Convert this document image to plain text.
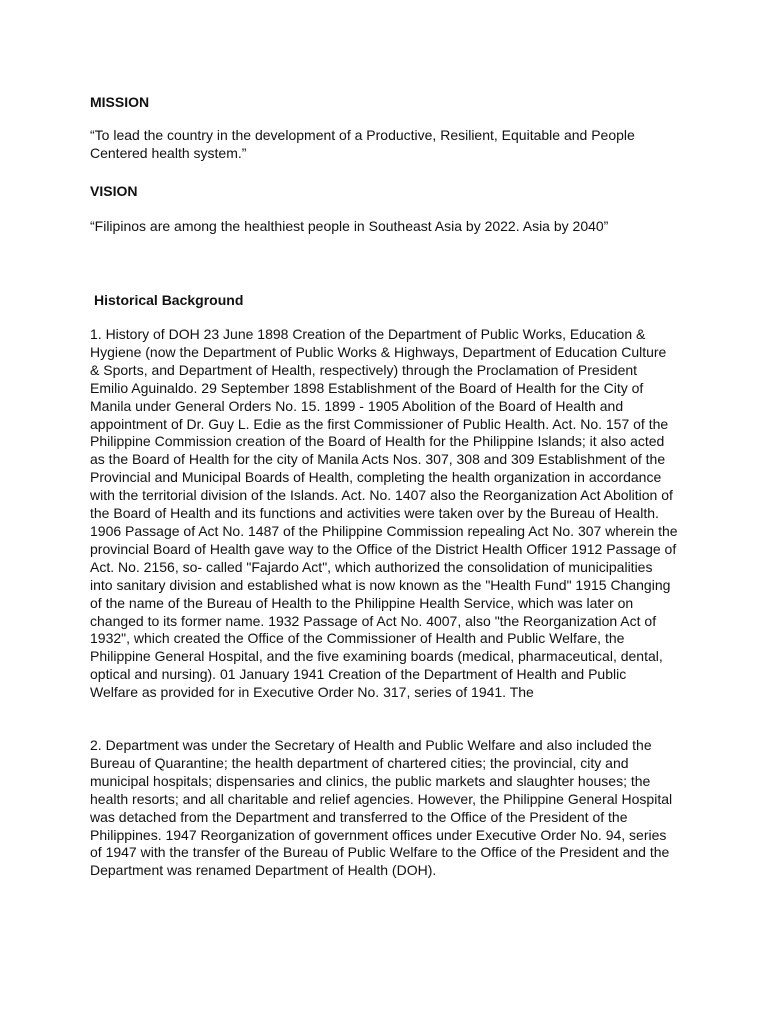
MISSION

“To lead the country in the development of a Productive, Resilient, Equitable and People Centered health system.”

VISION

“Filipinos are among the healthiest people in Southeast Asia by 2022. Asia by 2040”

Historical Background

1. History of DOH 23 June 1898 Creation of the Department of Public Works, Education & Hygiene (now the Department of Public Works & Highways, Department of Education Culture & Sports, and Department of Health, respectively) through the Proclamation of President Emilio Aguinaldo. 29 September 1898 Establishment of the Board of Health for the City of Manila under General Orders No. 15. 1899 - 1905 Abolition of the Board of Health and appointment of Dr. Guy L. Edie as the first Commissioner of Public Health. Act. No. 157 of the Philippine Commission creation of the Board of Health for the Philippine Islands; it also acted as the Board of Health for the city of Manila Acts Nos. 307, 308 and 309 Establishment of the Provincial and Municipal Boards of Health, completing the health organization in accordance with the territorial division of the Islands. Act. No. 1407 also the Reorganization Act Abolition of the Board of Health and its functions and activities were taken over by the Bureau of Health. 1906 Passage of Act No. 1487 of the Philippine Commission repealing Act No. 307 wherein the provincial Board of Health gave way to the Office of the District Health Officer 1912 Passage of Act. No. 2156, so- called "Fajardo Act", which authorized the consolidation of municipalities into sanitary division and established what is now known as the "Health Fund" 1915 Changing of the name of the Bureau of Health to the Philippine Health Service, which was later on changed to its former name. 1932 Passage of Act No. 4007, also "the Reorganization Act of 1932", which created the Office of the Commissioner of Health and Public Welfare, the Philippine General Hospital, and the five examining boards (medical, pharmaceutical, dental, optical and nursing). 01 January 1941 Creation of the Department of Health and Public Welfare as provided for in Executive Order No. 317, series of 1941. The

2. Department was under the Secretary of Health and Public Welfare and also included the Bureau of Quarantine; the health department of chartered cities; the provincial, city and municipal hospitals; dispensaries and clinics, the public markets and slaughter houses; the health resorts; and all charitable and relief agencies. However, the Philippine General Hospital was detached from the Department and transferred to the Office of the President of the Philippines. 1947 Reorganization of government offices under Executive Order No. 94, series of 1947 with the transfer of the Bureau of Public Welfare to the Office of the President and the Department was renamed Department of Health (DOH).
